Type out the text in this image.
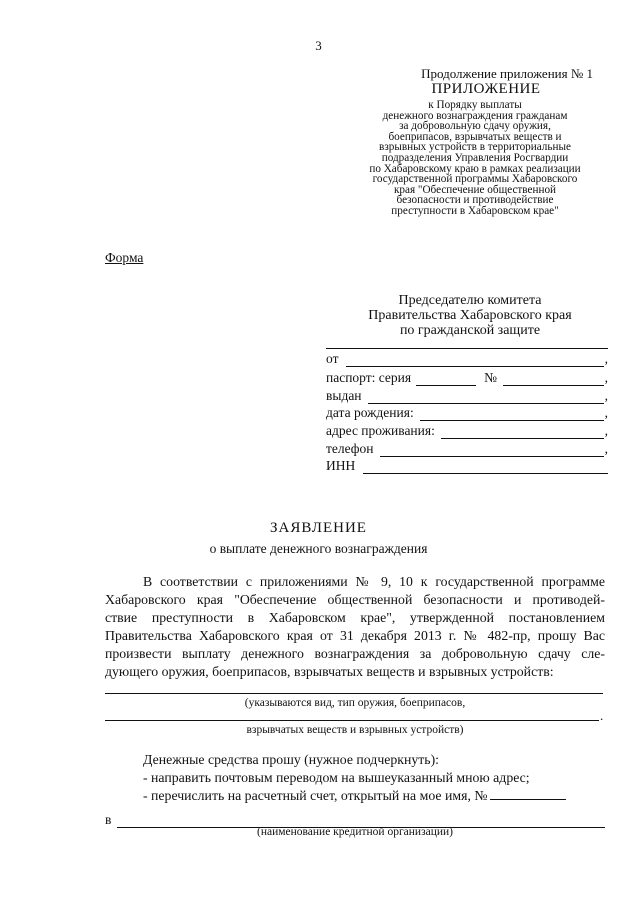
3
Продолжение приложения № 1
ПРИЛОЖЕНИЕ
к Порядку выплаты
денежного вознаграждения гражданам
за добровольную сдачу оружия,
боеприпасов, взрывчатых веществ и
взрывных устройств в территориальные
подразделения Управления Росгвардии
по Хабаровскому краю в рамках реализации
государственной программы Хабаровского
края "Обеспечение общественной
безопасности и противодействие
преступности в Хабаровском крае"
Форма
Председателю комитета
Правительства Хабаровского края
по гражданской защите
от	,
паспорт: серия	№	,
выдан	,
дата рождения:	,
адрес проживания:	,
телефон	,
ИНН
ЗАЯВЛЕНИЕ
о выплате денежного вознаграждения
В соответствии с приложениями № 9, 10 к государственной программе
Хабаровского края "Обеспечение общественной безопасности и противодей-
ствие преступности в Хабаровском крае", утвержденной постановлением
Правительства Хабаровского края от 31 декабря 2013 г. № 482-пр, прошу Вас
произвести выплату денежного вознаграждения за добровольную сдачу сле-
дующего оружия, боеприпасов, взрывчатых веществ и взрывных устройств:
(указываются вид, тип оружия, боеприпасов,
.
взрывчатых веществ и взрывных устройств)
Денежные средства прошу (нужное подчеркнуть):
- направить почтовым переводом на вышеуказанный мною адрес;
- перечислить на расчетный счет, открытый на мое имя, №
в
(наименование кредитной организации)
